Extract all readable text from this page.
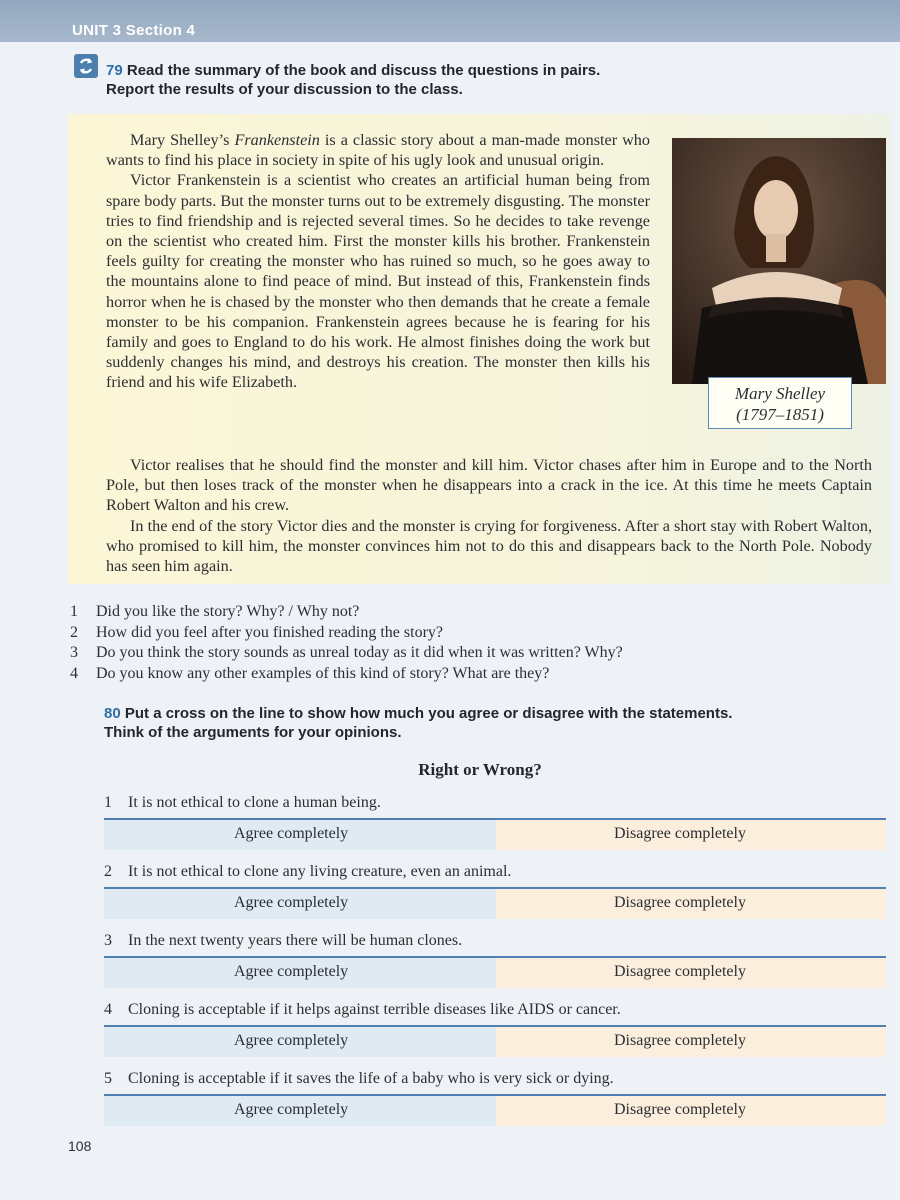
UNIT 3 Section 4
79 Read the summary of the book and discuss the questions in pairs.
Report the results of your discussion to the class.

Mary Shelley’s Frankenstein is a classic story about a man-made monster who wants to find his place in society in spite of his ugly look and unusual origin.

Victor Frankenstein is a scientist who creates an artificial human being from spare body parts. But the monster turns out to be extremely disgusting. The monster tries to find friendship and is rejected several times. So he decides to take revenge on the scientist who created him. First the monster kills his brother. Frankenstein feels guilty for creating the monster who has ruined so much, so he goes away to the mountains alone to find peace of mind. But instead of this, Frankenstein finds horror when he is chased by the monster who then demands that he create a female monster to be his companion. Frankenstein agrees because he is fearing for his family and goes to England to do his work. He almost finishes doing the work but suddenly changes his mind, and destroys his creation. The monster then kills his friend and his wife Elizabeth.

Victor realises that he should find the monster and kill him. Victor chases after him in Europe and to the North Pole, but then loses track of the monster when he disappears into a crack in the ice. At this time he meets Captain Robert Walton and his crew.

In the end of the story Victor dies and the monster is crying for forgiveness. After a short stay with Robert Walton, who promised to kill him, the monster convinces him not to do this and disappears back to the North Pole. Nobody has seen him again.

Mary Shelley
(1797–1851)
1 Did you like the story? Why? / Why not?
2 How did you feel after you finished reading the story?
3 Do you think the story sounds as unreal today as it did when it was written? Why?
4 Do you know any other examples of this kind of story? What are they?
80 Put a cross on the line to show how much you agree or disagree with the statements.
Think of the arguments for your opinions.
Right or Wrong?
1 It is not ethical to clone a human being.
Agree completely	Disagree completely
2 It is not ethical to clone any living creature, even an animal.
Agree completely	Disagree completely
3 In the next twenty years there will be human clones.
Agree completely	Disagree completely
4 Cloning is acceptable if it helps against terrible diseases like AIDS or cancer.
Agree completely	Disagree completely
5 Cloning is acceptable if it saves the life of a baby who is very sick or dying.
Agree completely	Disagree completely
108
